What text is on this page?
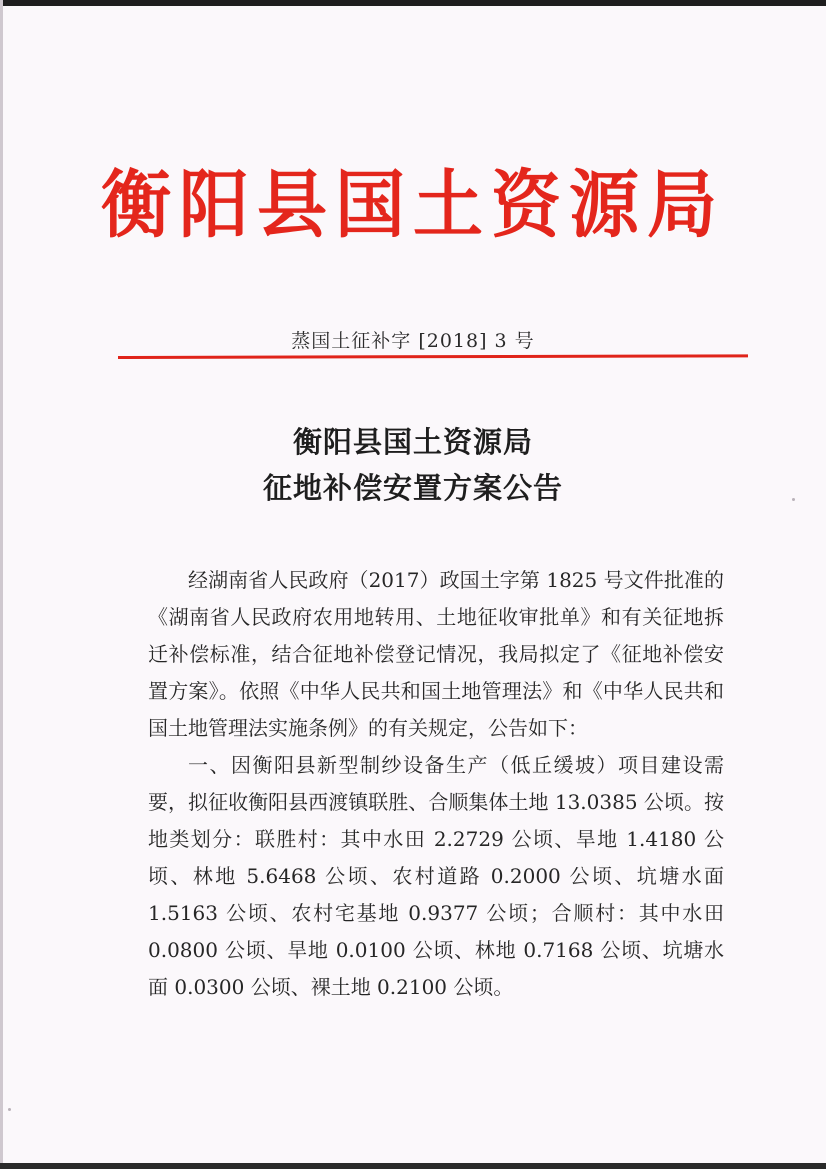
衡阳县国土资源局
蒸国土征补字 [2018] 3 号
衡阳县国土资源局
征地补偿安置方案公告

经湖南省人民政府（2017）政国土字第 1825 号文件批准的《湖南省人民政府农用地转用、土地征收审批单》和有关征地拆迁补偿标准，结合征地补偿登记情况，我局拟定了《征地补偿安置方案》。依照《中华人民共和国土地管理法》和《中华人民共和国土地管理法实施条例》的有关规定，公告如下：

一、因衡阳县新型制纱设备生产（低丘缓坡）项目建设需要，拟征收衡阳县西渡镇联胜、合顺集体土地 13.0385 公顷。按地类划分：联胜村：其中水田 2.2729 公顷、旱地 1.4180 公顷、林地 5.6468 公顷、农村道路 0.2000 公顷、坑塘水面 1.5163 公顷、农村宅基地 0.9377 公顷；合顺村：其中水田 0.0800 公顷、旱地 0.0100 公顷、林地 0.7168 公顷、坑塘水面 0.0300 公顷、裸土地 0.2100 公顷。
